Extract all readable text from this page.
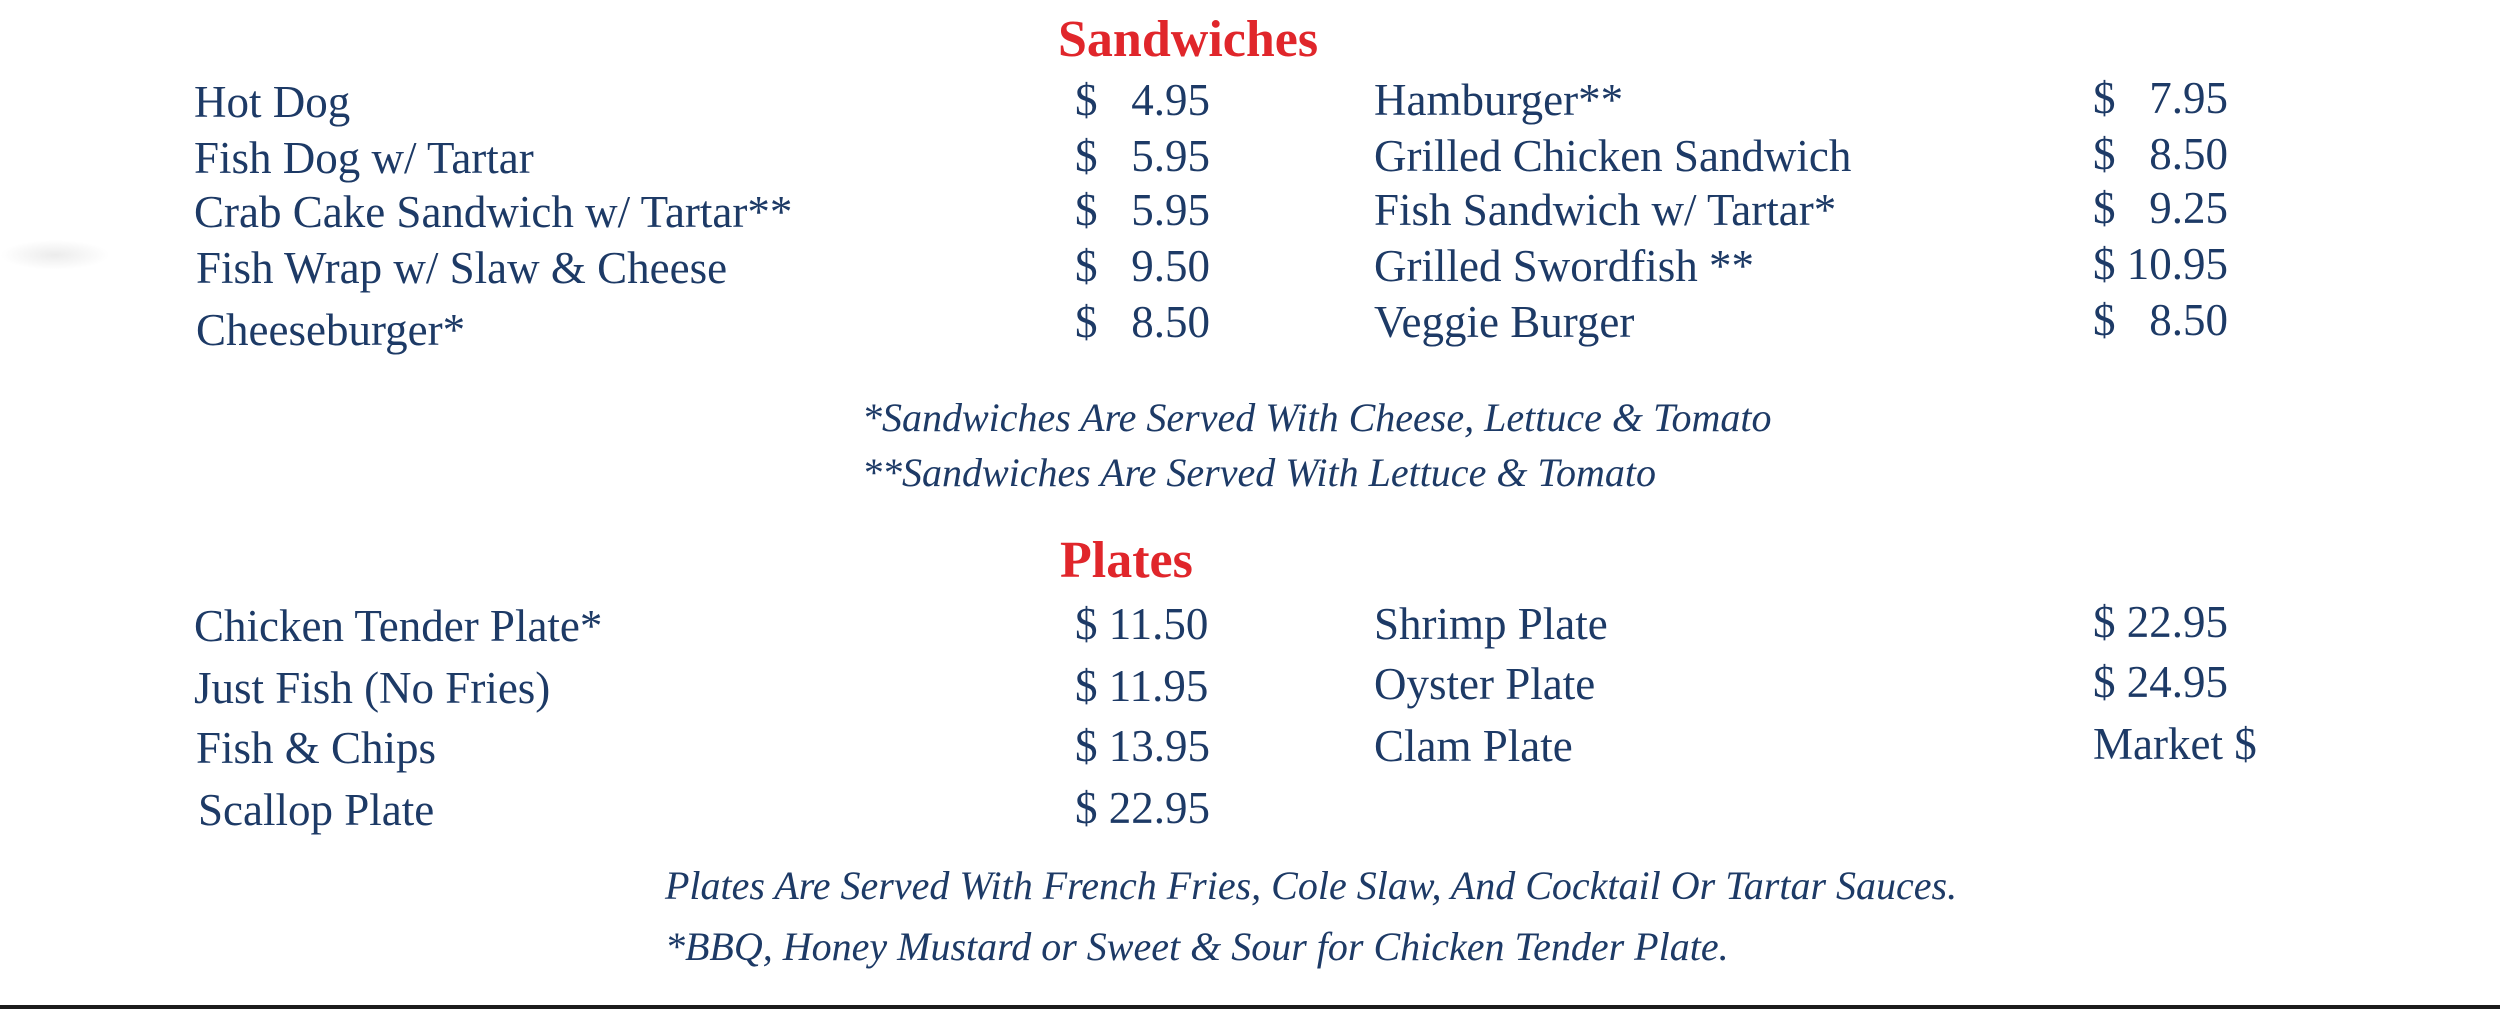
Sandwiches
Hot Dog	$   4.95
Fish Dog w/ Tartar	$   5.95
Crab Cake Sandwich w/ Tartar**	$   5.95
Fish Wrap w/ Slaw & Cheese	$   9.50
Cheeseburger*	$   8.50
Hamburger**	$   7.95
Grilled Chicken Sandwich	$   8.50
Fish Sandwich w/ Tartar*	$   9.25
Grilled Swordfish **	$ 10.95
Veggie Burger	$   8.50
*Sandwiches Are Served With Cheese, Lettuce & Tomato
**Sandwiches Are Served With Lettuce & Tomato
Plates
Chicken Tender Plate*	$ 11.50
Just Fish (No Fries)	$ 11.95
Fish & Chips	$ 13.95
Scallop Plate	$ 22.95
Shrimp Plate	$ 22.95
Oyster Plate	$ 24.95
Clam Plate	Market $
Plates Are Served With French Fries, Cole Slaw, And Cocktail Or Tartar Sauces.
*BBQ, Honey Mustard or Sweet & Sour for Chicken Tender Plate.
